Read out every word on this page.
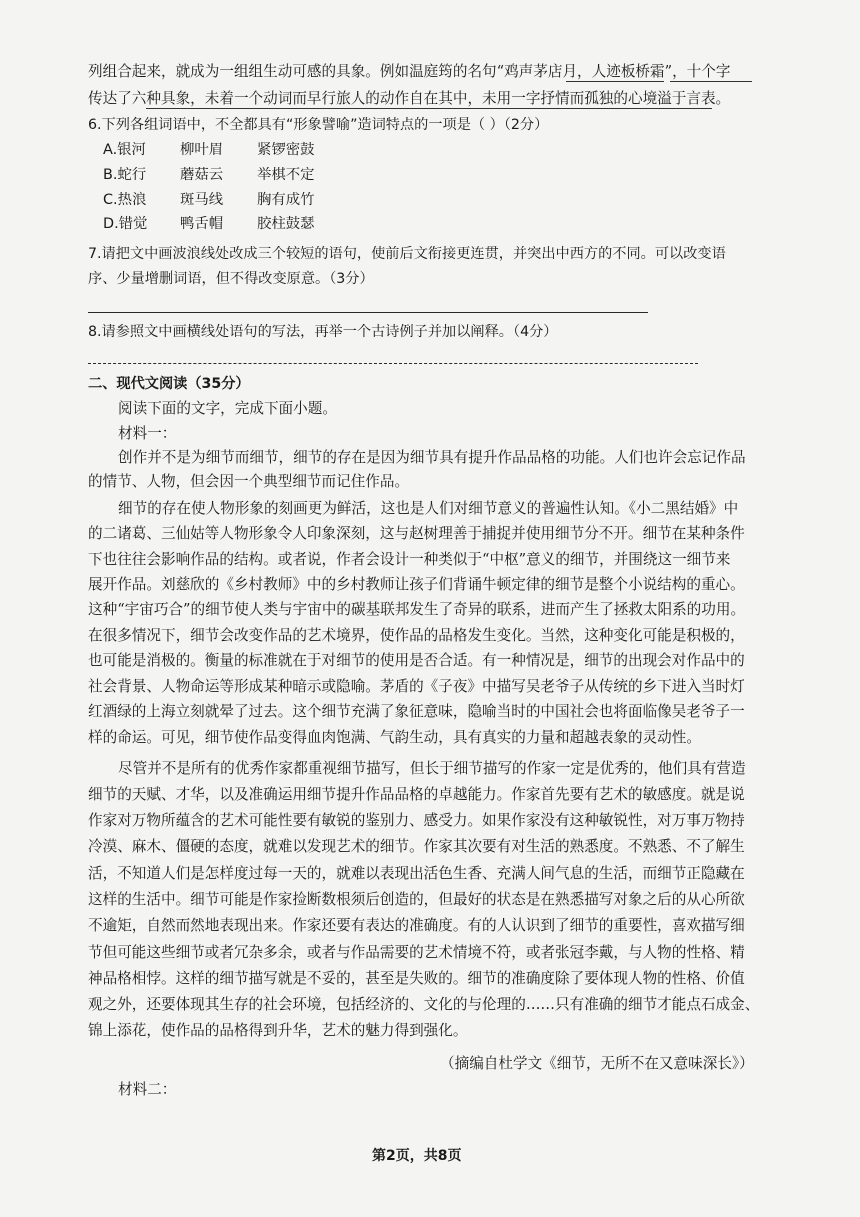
列组合起来，就成为一组组生动可感的具象。例如温庭筠的名句“鸡声茅店月，人迹板桥霜”，十个字
传达了六种具象，未着一个动词而早行旅人的动作自在其中，未用一字抒情而孤独的心境溢于言表。
6.下列各组词语中，不全都具有“形象譬喻”造词特点的一项是（ ）（2分）
A.银河 柳叶眉 紧锣密鼓
B.蛇行 蘑菇云 举棋不定
C.热浪 斑马线 胸有成竹
D.错觉 鸭舌帽 胶柱鼓瑟
7.请把文中画波浪线处改成三个较短的语句，使前后文衔接更连贯，并突出中西方的不同。可以改变语
序、少量增删词语，但不得改变原意。（3分）
8.请参照文中画横线处语句的写法，再举一个古诗例子并加以阐释。（4分）
二、现代文阅读（35分）
阅读下面的文字，完成下面小题。
材料一：
创作并不是为细节而细节，细节的存在是因为细节具有提升作品品格的功能。人们也许会忘记作品
的情节、人物，但会因一个典型细节而记住作品。
细节的存在使人物形象的刻画更为鲜活，这也是人们对细节意义的普遍性认知。《小二黑结婚》中
的二诸葛、三仙姑等人物形象令人印象深刻，这与赵树理善于捕捉并使用细节分不开。细节在某种条件
下也往往会影响作品的结构。或者说，作者会设计一种类似于“中枢”意义的细节，并围绕这一细节来
展开作品。刘慈欣的《乡村教师》中的乡村教师让孩子们背诵牛顿定律的细节是整个小说结构的重心。
这种“宇宙巧合”的细节使人类与宇宙中的碳基联邦发生了奇异的联系，进而产生了拯救太阳系的功用。
在很多情况下，细节会改变作品的艺术境界，使作品的品格发生变化。当然，这种变化可能是积极的，
也可能是消极的。衡量的标准就在于对细节的使用是否合适。有一种情况是，细节的出现会对作品中的
社会背景、人物命运等形成某种暗示或隐喻。茅盾的《子夜》中描写吴老爷子从传统的乡下进入当时灯
红酒绿的上海立刻就晕了过去。这个细节充满了象征意味，隐喻当时的中国社会也将面临像吴老爷子一
样的命运。可见，细节使作品变得血肉饱满、气韵生动，具有真实的力量和超越表象的灵动性。
尽管并不是所有的优秀作家都重视细节描写，但长于细节描写的作家一定是优秀的，他们具有营造
细节的天赋、才华，以及准确运用细节提升作品品格的卓越能力。作家首先要有艺术的敏感度。就是说
作家对万物所蕴含的艺术可能性要有敏锐的鉴别力、感受力。如果作家没有这种敏锐性，对万事万物持
冷漠、麻木、僵硬的态度，就难以发现艺术的细节。作家其次要有对生活的熟悉度。不熟悉、不了解生
活，不知道人们是怎样度过每一天的，就难以表现出活色生香、充满人间气息的生活，而细节正隐藏在
这样的生活中。细节可能是作家捡断数根须后创造的，但最好的状态是在熟悉描写对象之后的从心所欲
不逾矩，自然而然地表现出来。作家还要有表达的准确度。有的人认识到了细节的重要性，喜欢描写细
节但可能这些细节或者冗杂多余，或者与作品需要的艺术情境不符，或者张冠李戴，与人物的性格、精
神品格相悖。这样的细节描写就是不妥的，甚至是失败的。细节的准确度除了要体现人物的性格、价值
观之外，还要体现其生存的社会环境，包括经济的、文化的与伦理的……只有准确的细节才能点石成金、
锦上添花，使作品的品格得到升华，艺术的魅力得到强化。
（摘编自杜学文《细节，无所不在又意味深长》）
材料二：
第2页，共8页
